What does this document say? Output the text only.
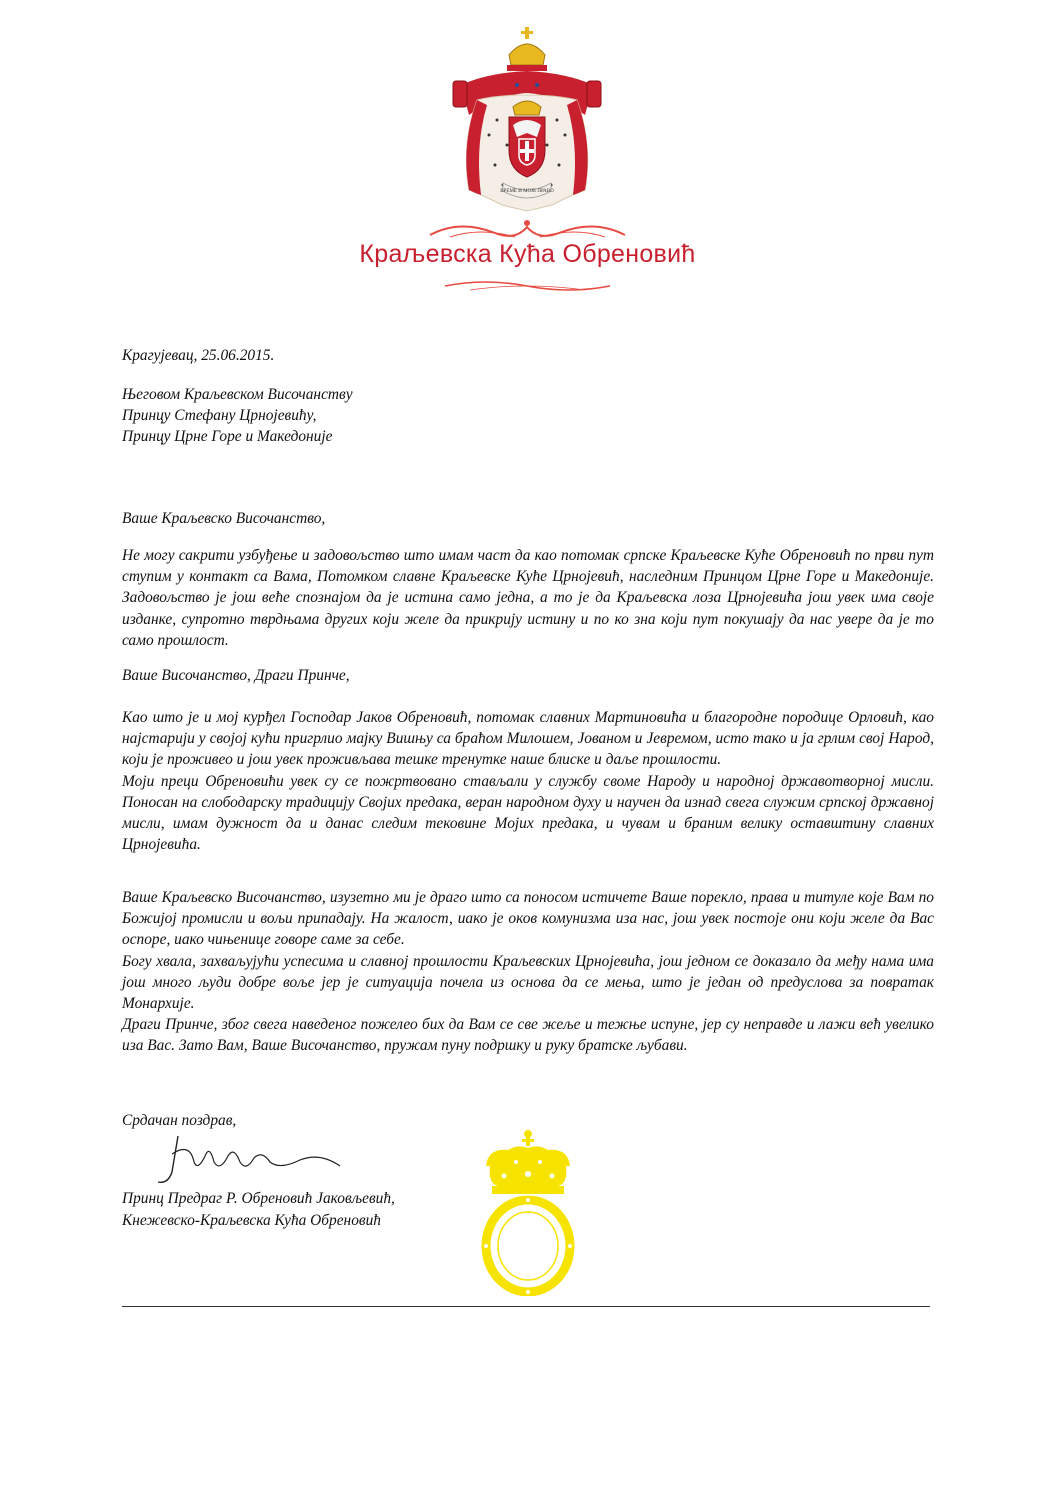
ВРЕМЕ И МОЈЕ ПРАВО
Краљевска Кућа Обреновић

Крагујевац, 25.06.2015.

Његовом Краљевском Височанству

Принцу Стефану Црнојевићу,

Принцу Црне Горе и Македоније

Ваше Краљевско Височанство,

Не могу сакрити узбуђење и задовољство што имам част да као потомак српске Краљевске Куће Обреновић по први пут ступим у контакт са Вама, Потомком славне Краљевске Куће Црнојевић, наследним Принцом Црне Горе и Македоније. Задовољство је још веће спознајом да је истина само једна, а то је да Краљевска лоза Црнојевића још увек има своје изданке, супротно тврдњама других који желе да прикрију истину и по ко зна који пут покушају да нас увере да је то само прошлост.

Ваше Височанство, Драги Принче,

Као што је и мој курђел Господар Јаков Обреновић, потомак славних Мартиновића и благородне породице Орловић, као најстарији у својој кући пригрлио мајку Вишњу са браћом Милошем, Јованом и Јевремом, исто тако и ја грлим свој Народ, који је проживео и још увек проживљава тешке тренутке наше блиске и даље прошлости.

Моји преци Обреновићи увек су се пожртвовано стављали у службу своме Народу и народној државотворној мисли. Поносан на слободарску традицију Својих предака, веран народном духу и научен да изнад свега служим српској државној мисли, имам дужност да и данас следим тековине Мојих предака, и чувам и браним велику оставштину славних Црнојевића.

Ваше Краљевско Височанство, изузетно ми је драго што са поносом истичете Ваше порекло, права и титуле које Вам по Божијој промисли и вољи припадају. На жалост, иако је оков комунизма иза нас, још увек постоје они који желе да Вас оспоре, иако чињенице говоре саме за себе.

Богу хвала, захваљујући успесима и славној прошлости Краљевских Црнојевића, још једном се доказало да међу нама има још много људи добре воље јер је ситуација почела из основа да се мења, што је један од предуслова за повратак Монархије.

Драги Принче, због свега наведеног пожелео бих да Вам се све жеље и тежње испуне, јер су неправде и лажи већ увелико иза Вас. Зато Вам, Ваше Височанство, пружам пуну подршку и руку братске љубави.

Срдачан поздрав,

Принц Предраг Р. Обреновић Јаковљевић,
Кнежевско-Краљевска Кућа Обреновић
